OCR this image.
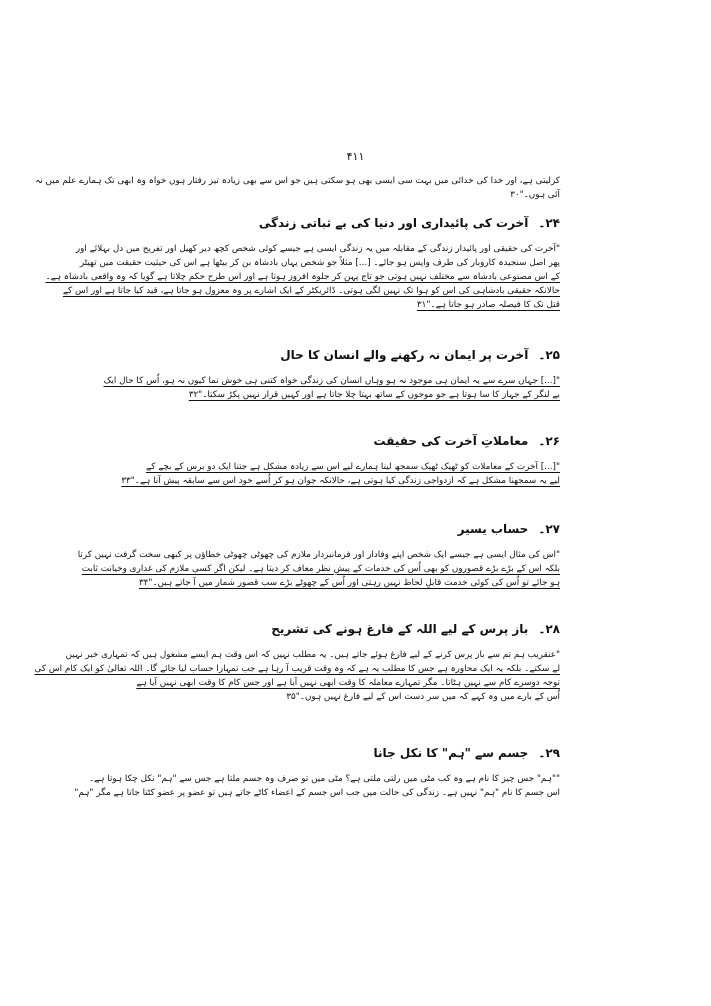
۴۱۱
کرلیتی ہے، اور خدا کی خدائی میں بہت سی ایسی بھی ہو سکتی ہیں جو اس سے بھی زیادہ تیز رفتار ہوں خواہ وہ ابھی تک ہمارے علم میں نہ
آئی ہوں۔"۳۰
۲۴۔آخرت کی پائیداری اور دنیا کی بے ثباتی زندگی
"آخرت کی حقیقی اور پائیدار زندگی کے مقابلہ میں یہ زندگی ایسی ہے جیسے کوئی شخص کچھ دیر کھیل اور تفریح میں دل بہلائے اور
پھر اصل سنجیدہ کاروبار کی طرف واپس ہو جائے۔ [...] مثلاً جو شخص یہاں بادشاہ بن کر بیٹھا ہے اس کی حیثیت حقیقت میں تھیٹر
کے اس مصنوعی بادشاہ سے مختلف نہیں ہوتی جو تاج پہن کر جلوہ افروز ہوتا ہے اور اس طرح حکم چلاتا ہے گویا کہ وہ واقعی بادشاہ ہے۔
حالانکہ حقیقی بادشاہی کی اس کو ہوا تک نہیں لگی ہوتی۔ ڈائریکٹر کے ایک اشارے پر وہ معزول ہو جاتا ہے، قید کیا جاتا ہے اور اس کے
قتل تک کا فیصلہ صادر ہو جاتا ہے۔"۳۱
۲۵۔آخرت پر ایمان نہ رکھنے والے انسان کا حال
"[...] جہاں سرے سے یہ ایمان ہی موجود نہ ہو وہاں انسان کی زندگی خواہ کتنی ہی خوش نما کیوں نہ ہو، اُس کا حال ایک
بے لنگر کے جہاز کا سا ہوتا ہے جو موجوں کے ساتھ بہتا چلا جاتا ہے اور کہیں قرار نہیں پکڑ سکتا۔"۳۲
۲۶۔معاملاتِ آخرت کی حقیقت
"[...] آخرت کے معاملات کو ٹھیک ٹھیک سمجھ لینا ہمارے لیے اس سے زیادہ مشکل ہے جتنا ایک دو برس کے بچے کے
لیے یہ سمجھنا مشکل ہے کہ ازدواجی زندگی کیا ہوتی ہے، حالانکہ جوان ہو کر اُسے خود اس سے سابقہ پیش آنا ہے۔"۳۳
۲۷۔حساب یسیر
"اس کی مثال ایسی ہے جیسے ایک شخص اپنے وفادار اور فرمانبردار ملازم کی چھوٹی چھوٹی خطاؤں پر کبھی سخت گرفت نہیں کرتا
بلکہ اس کے بڑے بڑے قصوروں کو بھی اُس کی خدمات کے پیشِ نظر معاف کر دیتا ہے۔ لیکن اگر کسی ملازم کی غداری وخیانت ثابت
ہو جائے تو اُس کی کوئی خدمت قابلِ لحاظ نہیں رہتی اور اُس کے چھوٹے بڑے سب قصور شمار میں آ جاتے ہیں۔"۳۴
۲۸۔باز پرس کے لیے اللہ کے فارغ ہونے کی تشریح
"عنقریب ہم تم سے باز پرس کرنے کے لیے فارغ ہوئے جاتے ہیں۔ یہ مطلب نہیں کہ اس وقت ہم ایسے مشغول ہیں کہ تمہاری خبر نہیں
لے سکتے۔ بلکہ یہ ایک محاورہ ہے جس کا مطلب یہ ہے کہ وہ وقت قریب آ رہا ہے جب تمہارا حساب لیا جائے گا۔ اللہ تعالیٰ کو ایک کام اس کی
توجہ دوسرے کام سے نہیں ہٹاتا۔ مگر تمہارے معاملہ کا وقت ابھی نہیں آیا ہے اور جس کام کا وقت ابھی نہیں آیا ہے
اُس کے بارے میں وہ کہے کہ میں سر دست اس کے لیے فارغ نہیں ہوں۔"۳۵
۲۹۔جسم سے "ہم" کا نکل جانا
""ہم" جس چیز کا نام ہے وہ کب مٹی میں رلتی ملتی ہے؟ مٹی میں تو صرف وہ جسم ملتا ہے جس سے "ہم" نکل چکا ہوتا ہے۔
اس جسم کا نام "ہم" نہیں ہے۔ زندگی کی حالت میں جب اس جسم کے اعضاء کاٹے جاتے ہیں تو عضو پر عضو کٹتا جاتا ہے مگر "ہم"
